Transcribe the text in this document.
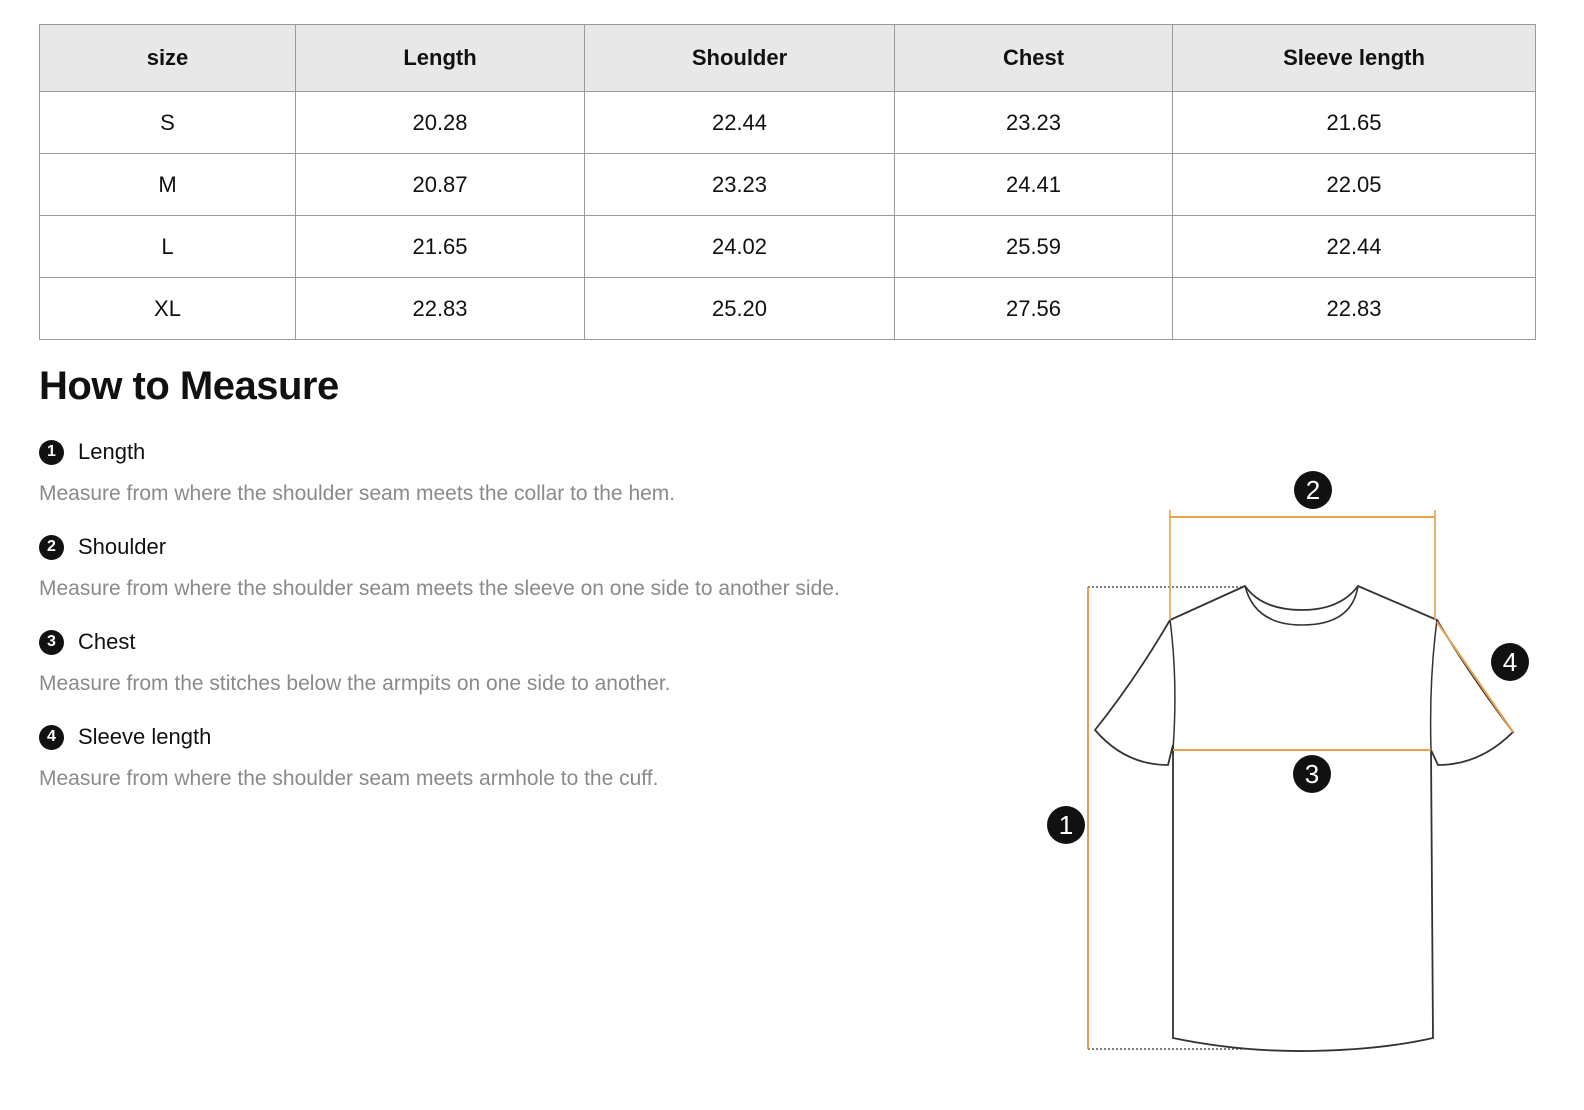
size	Length	Shoulder	Chest	Sleeve length
S	20.28	22.44	23.23	21.65
M	20.87	23.23	24.41	22.05
L	21.65	24.02	25.59	22.44
XL	22.83	25.20	27.56	22.83
How to Measure
1	Length
Measure from where the shoulder seam meets the collar to the hem.
2	Shoulder
Measure from where the shoulder seam meets the sleeve on one side to another side.
3	Chest
Measure from the stitches below the armpits on one side to another.
4	Sleeve length
Measure from where the shoulder seam meets armhole to the cuff.
1
2
3
4
